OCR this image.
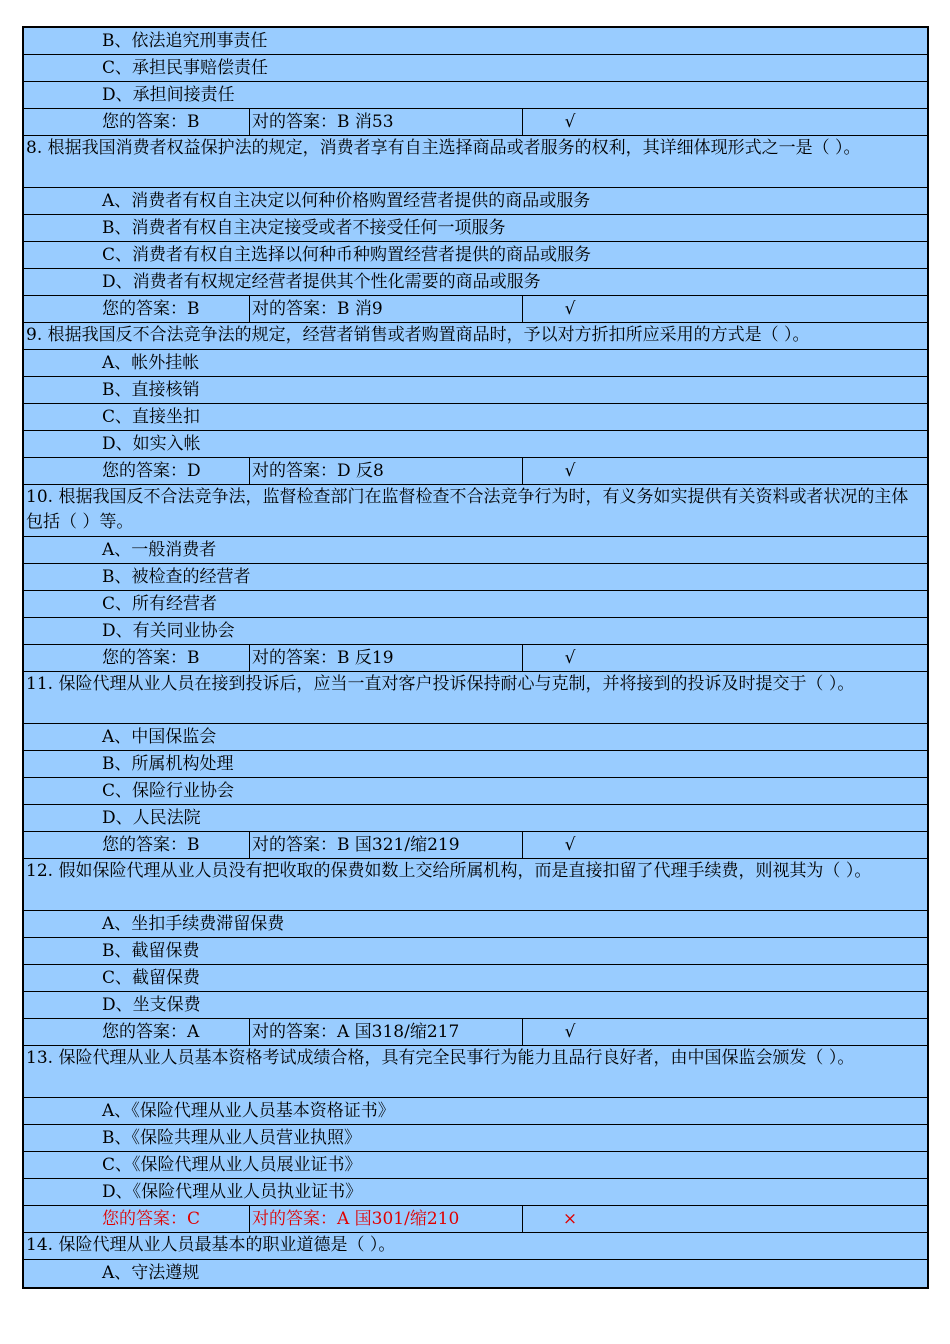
B、依法追究刑事责任
C、承担民事赔偿责任
D、承担间接责任
您的答案：B	对的答案：B 消53	√
8. 根据我国消费者权益保护法的规定，消费者享有自主选择商品或者服务的权利，其详细体现形式之一是（ ）。
A、消费者有权自主决定以何种价格购置经营者提供的商品或服务
B、消费者有权自主决定接受或者不接受任何一项服务
C、消费者有权自主选择以何种币种购置经营者提供的商品或服务
D、消费者有权规定经营者提供其个性化需要的商品或服务
您的答案：B	对的答案：B 消9	√
9. 根据我国反不合法竞争法的规定，经营者销售或者购置商品时，予以对方折扣所应采用的方式是（ ）。
A、帐外挂帐
B、直接核销
C、直接坐扣
D、如实入帐
您的答案：D	对的答案：D 反8	√
10. 根据我国反不合法竞争法，监督检查部门在监督检查不合法竞争行为时，有义务如实提供有关资料或者状况的主体包括（ ）等。
A、一般消费者
B、被检查的经营者
C、所有经营者
D、有关同业协会
您的答案：B	对的答案：B 反19	√
11. 保险代理从业人员在接到投诉后，应当一直对客户投诉保持耐心与克制，并将接到的投诉及时提交于（ ）。
A、中国保监会
B、所属机构处理
C、保险行业协会
D、人民法院
您的答案：B	对的答案：B 国321/缩219	√
12. 假如保险代理从业人员没有把收取的保费如数上交给所属机构，而是直接扣留了代理手续费，则视其为（ ）。
A、坐扣手续费滞留保费
B、截留保费
C、截留保费
D、坐支保费
您的答案：A	对的答案：A 国318/缩217	√
13. 保险代理从业人员基本资格考试成绩合格，具有完全民事行为能力且品行良好者，由中国保监会颁发（ ）。
A、《保险代理从业人员基本资格证书》
B、《保险共理从业人员营业执照》
C、《保险代理从业人员展业证书》
D、《保险代理从业人员执业证书》
您的答案：C	对的答案：A 国301/缩210	×
14. 保险代理从业人员最基本的职业道德是（ ）。
A、守法遵规
